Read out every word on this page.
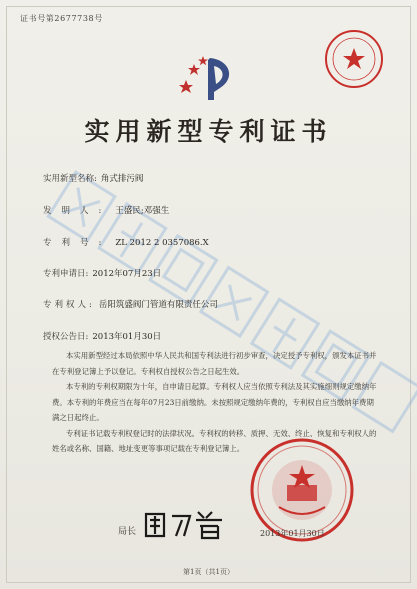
证书号第2677738号
实用新型专利证书
实用新型名称: 角式排污阀
发明人: 王盛民;邓强生
专利号: ZL 2012 2 0357086.X
专利申请日: 2012年07月23日
专利权人: 岳阳筑盛阀门管道有限责任公司
授权公告日: 2013年01月30日

本实用新型经过本局依照中华人民共和国专利法进行初步审查，决定授予专利权，颁发本证书并在专利登记簿上予以登记。专利权自授权公告之日起生效。

本专利的专利权期限为十年，自申请日起算。专利权人应当依照专利法及其实施细则规定缴纳年费。本专利的年费应当在每年07月23日前缴纳。未按照规定缴纳年费的，专利权自应当缴纳年费期满之日起终止。

专利证书记载专利权登记时的法律状况。专利权的转移、质押、无效、终止、恢复和专利权人的姓名或名称、国籍、地址变更等事项记载在专利登记簿上。

局长	2013年01月30日
第1页（共1页）
